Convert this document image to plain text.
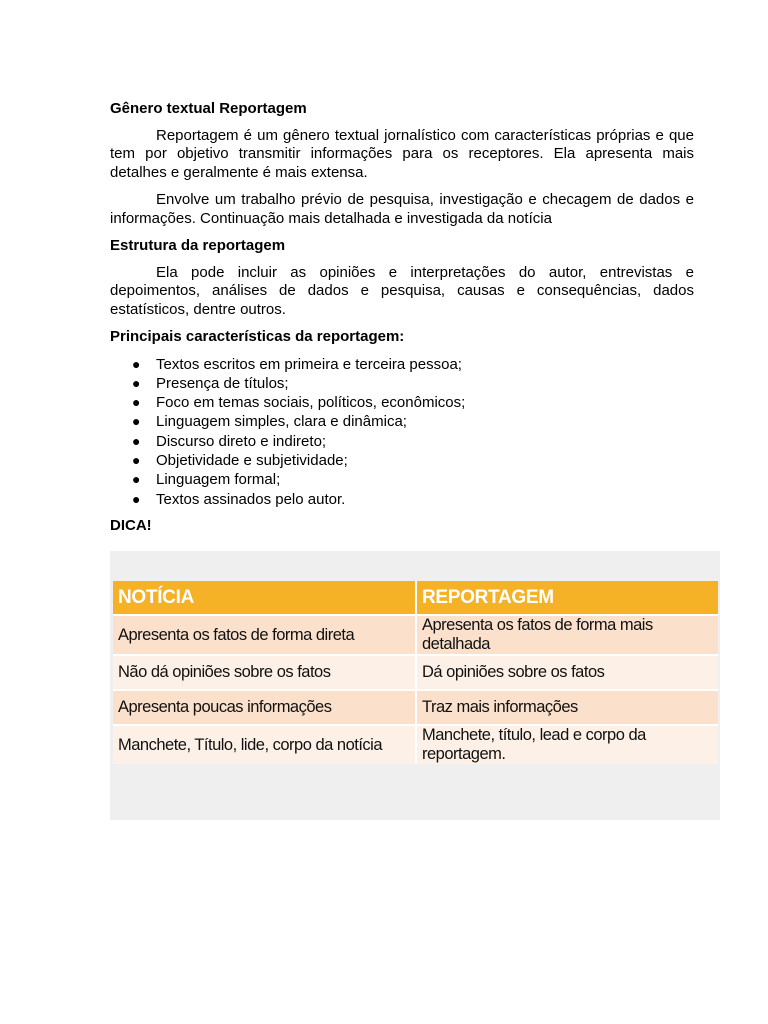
Gênero textual Reportagem
Reportagem é um gênero textual jornalístico com características próprias e que tem por objetivo transmitir informações para os receptores. Ela apresenta mais detalhes e geralmente é mais extensa.
Envolve um trabalho prévio de pesquisa, investigação e checagem de dados e informações. Continuação mais detalhada e investigada da notícia
Estrutura da reportagem
Ela pode incluir as opiniões e interpretações do autor, entrevistas e depoimentos, análises de dados e pesquisa, causas e consequências, dados estatísticos, dentre outros.
Principais características da reportagem:
● Textos escritos em primeira e terceira pessoa;
● Presença de títulos;
● Foco em temas sociais, políticos, econômicos;
● Linguagem simples, clara e dinâmica;
● Discurso direto e indireto;
● Objetividade e subjetividade;
● Linguagem formal;
● Textos assinados pelo autor.
DICA!
NOTÍCIA	REPORTAGEM
Apresenta os fatos de forma direta	Apresenta os fatos de forma mais detalhada
Não dá opiniões sobre os fatos	Dá opiniões sobre os fatos
Apresenta poucas informações	Traz mais informações
Manchete, Título, lide, corpo da notícia	Manchete, título, lead e corpo da reportagem.
